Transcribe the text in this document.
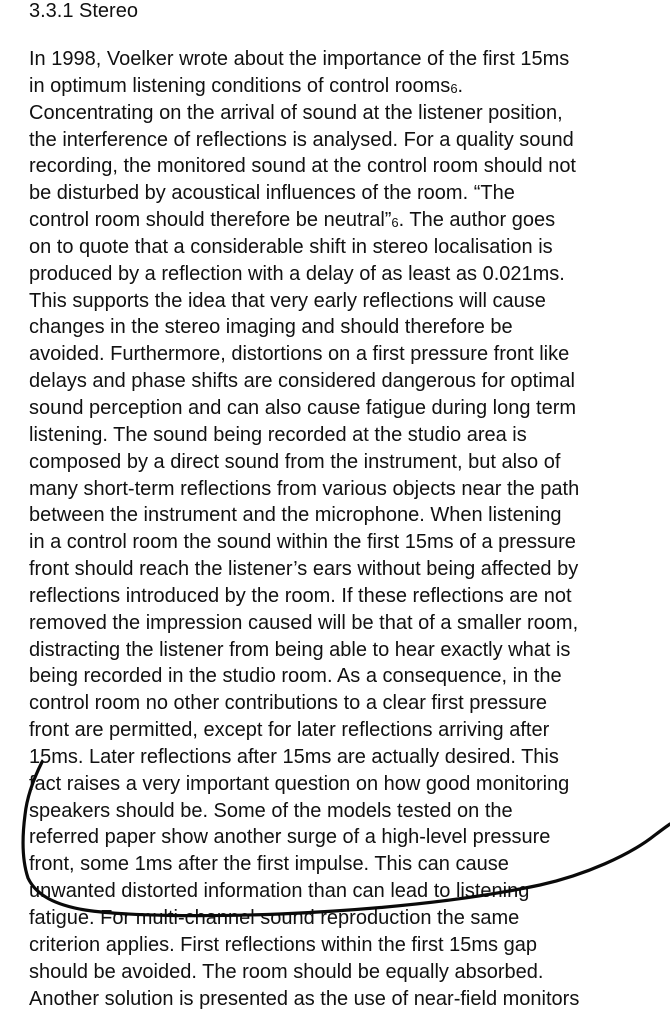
3.3.1 Stereo
In 1998, Voelker wrote about the importance of the first 15ms
in optimum listening conditions of control rooms6.
Concentrating on the arrival of sound at the listener position,
the interference of reflections is analysed. For a quality sound
recording, the monitored sound at the control room should not
be disturbed by acoustical influences of the room. “The
control room should therefore be neutral”6. The author goes
on to quote that a considerable shift in stereo localisation is
produced by a reflection with a delay of as least as 0.021ms.
This supports the idea that very early reflections will cause
changes in the stereo imaging and should therefore be
avoided. Furthermore, distortions on a first pressure front like
delays and phase shifts are considered dangerous for optimal
sound perception and can also cause fatigue during long term
listening. The sound being recorded at the studio area is
composed by a direct sound from the instrument, but also of
many short-term reflections from various objects near the path
between the instrument and the microphone. When listening
in a control room the sound within the first 15ms of a pressure
front should reach the listener’s ears without being affected by
reflections introduced by the room. If these reflections are not
removed the impression caused will be that of a smaller room,
distracting the listener from being able to hear exactly what is
being recorded in the studio room. As a consequence, in the
control room no other contributions to a clear first pressure
front are permitted, except for later reflections arriving after
15ms. Later reflections after 15ms are actually desired. This
fact raises a very important question on how good monitoring
speakers should be. Some of the models tested on the
referred paper show another surge of a high-level pressure
front, some 1ms after the first impulse. This can cause
unwanted distorted information than can lead to listening
fatigue. For multi-channel sound reproduction the same
criterion applies. First reflections within the first 15ms gap
should be avoided. The room should be equally absorbed.
Another solution is presented as the use of near-field monitors
